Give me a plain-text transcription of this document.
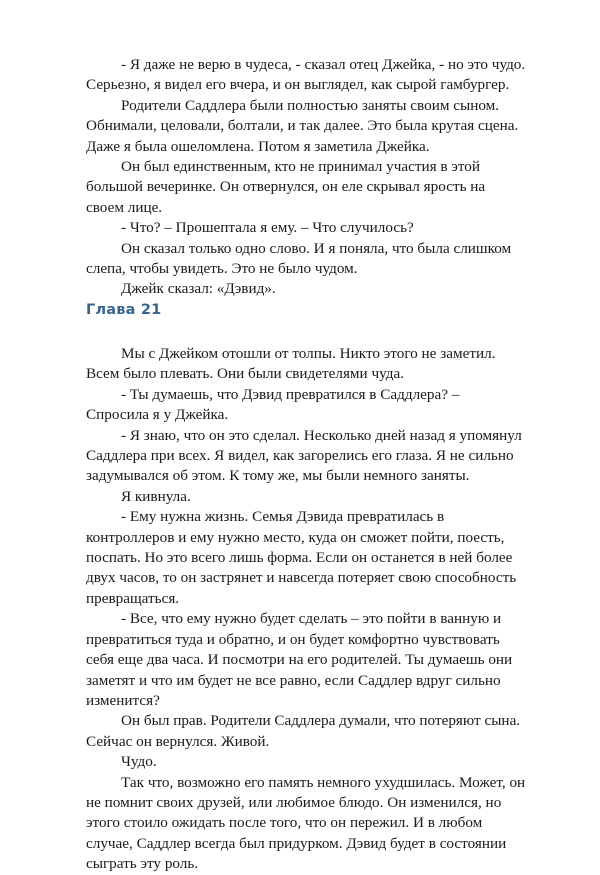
- Я даже не верю в чудеса, - сказал отец Джейка, - но это чудо. Серьезно, я видел его вчера, и он выглядел, как сырой гамбургер.

Родители Саддлера были полностью заняты своим сыном. Обнимали, целовали, болтали, и так далее. Это была крутая сцена. Даже я была ошеломлена. Потом я заметила Джейка.

Он был единственным, кто не принимал участия в этой большой вечеринке. Он отвернулся, он еле скрывал ярость на своем лице.

- Что? – Прошептала я ему. – Что случилось?

Он сказал только одно слово. И я поняла, что была слишком слепа, чтобы увидеть. Это не было чудом.

Джейк сказал: «Дэвид».

Глава 21

Мы с Джейком отошли от толпы. Никто этого не заметил. Всем было плевать. Они были свидетелями чуда.

- Ты думаешь, что Дэвид превратился в Саддлера? – Спросила я у Джейка.

- Я знаю, что он это сделал. Несколько дней назад я упомянул Саддлера при всех. Я видел, как загорелись его глаза. Я не сильно задумывался об этом. К тому же, мы были немного заняты.

Я кивнула.

- Ему нужна жизнь. Семья Дэвида превратилась в контроллеров и ему нужно место, куда он сможет пойти, поесть, поспать. Но это всего лишь форма. Если он останется в ней более двух часов, то он застрянет и навсегда потеряет свою способность превращаться.

- Все, что ему нужно будет сделать – это пойти в ванную и превратиться туда и обратно, и он будет комфортно чувствовать себя еще два часа. И посмотри на его родителей. Ты думаешь они заметят и что им будет не все равно, если Саддлер вдруг сильно изменится?

Он был прав. Родители Саддлера думали, что потеряют сына. Сейчас он вернулся. Живой.

Чудо.

Так что, возможно его память немного ухудшилась. Может, он не помнит своих друзей, или любимое блюдо. Он изменился, но этого стоило ожидать после того, что он пережил. И в любом случае, Саддлер всегда был придурком. Дэвид будет в состоянии сыграть эту роль.
